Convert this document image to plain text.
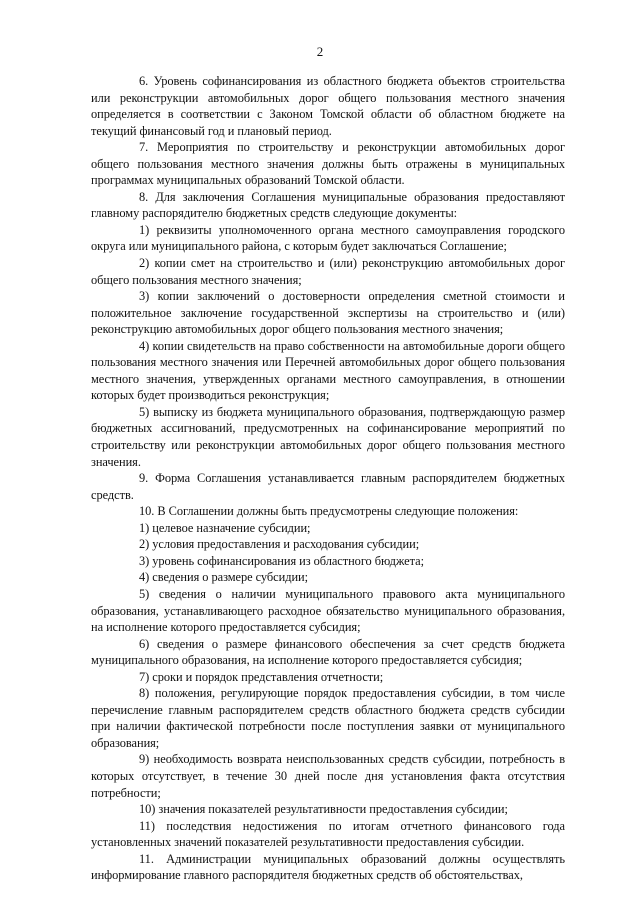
2

6. Уровень софинансирования из областного бюджета объектов строительства или реконструкции автомобильных дорог общего пользования местного значения определяется в соответствии с Законом Томской области об областном бюджете на текущий финансовый год и плановый период.

7. Мероприятия по строительству и реконструкции автомобильных дорог общего пользования местного значения должны быть отражены в муниципальных программах муниципальных образований Томской области.

8. Для заключения Соглашения муниципальные образования предоставляют главному распорядителю бюджетных средств следующие документы:

1) реквизиты уполномоченного органа местного самоуправления городского округа или муниципального района, с которым будет заключаться Соглашение;

2) копии смет на строительство и (или) реконструкцию автомобильных дорог общего пользования местного значения;

3) копии заключений о достоверности определения сметной стоимости и положительное заключение государственной экспертизы на строительство и (или) реконструкцию автомобильных дорог общего пользования местного значения;

4) копии свидетельств на право собственности на автомобильные дороги общего пользования местного значения или Перечней автомобильных дорог общего пользования местного значения, утвержденных органами местного самоуправления, в отношении которых будет производиться реконструкция;

5) выписку из бюджета муниципального образования, подтверждающую размер бюджетных ассигнований, предусмотренных на софинансирование мероприятий по строительству или реконструкции автомобильных дорог общего пользования местного значения.

9. Форма Соглашения устанавливается главным распорядителем бюджетных средств.

10. В Соглашении должны быть предусмотрены следующие положения:

1) целевое назначение субсидии;

2) условия предоставления и расходования субсидии;

3) уровень софинансирования из областного бюджета;

4) сведения о размере субсидии;

5) сведения о наличии муниципального правового акта муниципального образования, устанавливающего расходное обязательство муниципального образования, на исполнение которого предоставляется субсидия;

6) сведения о размере финансового обеспечения за счет средств бюджета муниципального образования, на исполнение которого предоставляется субсидия;

7) сроки и порядок представления отчетности;

8) положения, регулирующие порядок предоставления субсидии, в том числе перечисление главным распорядителем средств областного бюджета средств субсидии при наличии фактической потребности после поступления заявки от муниципального образования;

9) необходимость возврата неиспользованных средств субсидии, потребность в которых отсутствует, в течение 30 дней после дня установления факта отсутствия потребности;

10) значения показателей результативности предоставления субсидии;

11) последствия недостижения по итогам отчетного финансового года установленных значений показателей результативности предоставления субсидии.

11. Администрации муниципальных образований должны осуществлять информирование главного распорядителя бюджетных средств об обстоятельствах,
